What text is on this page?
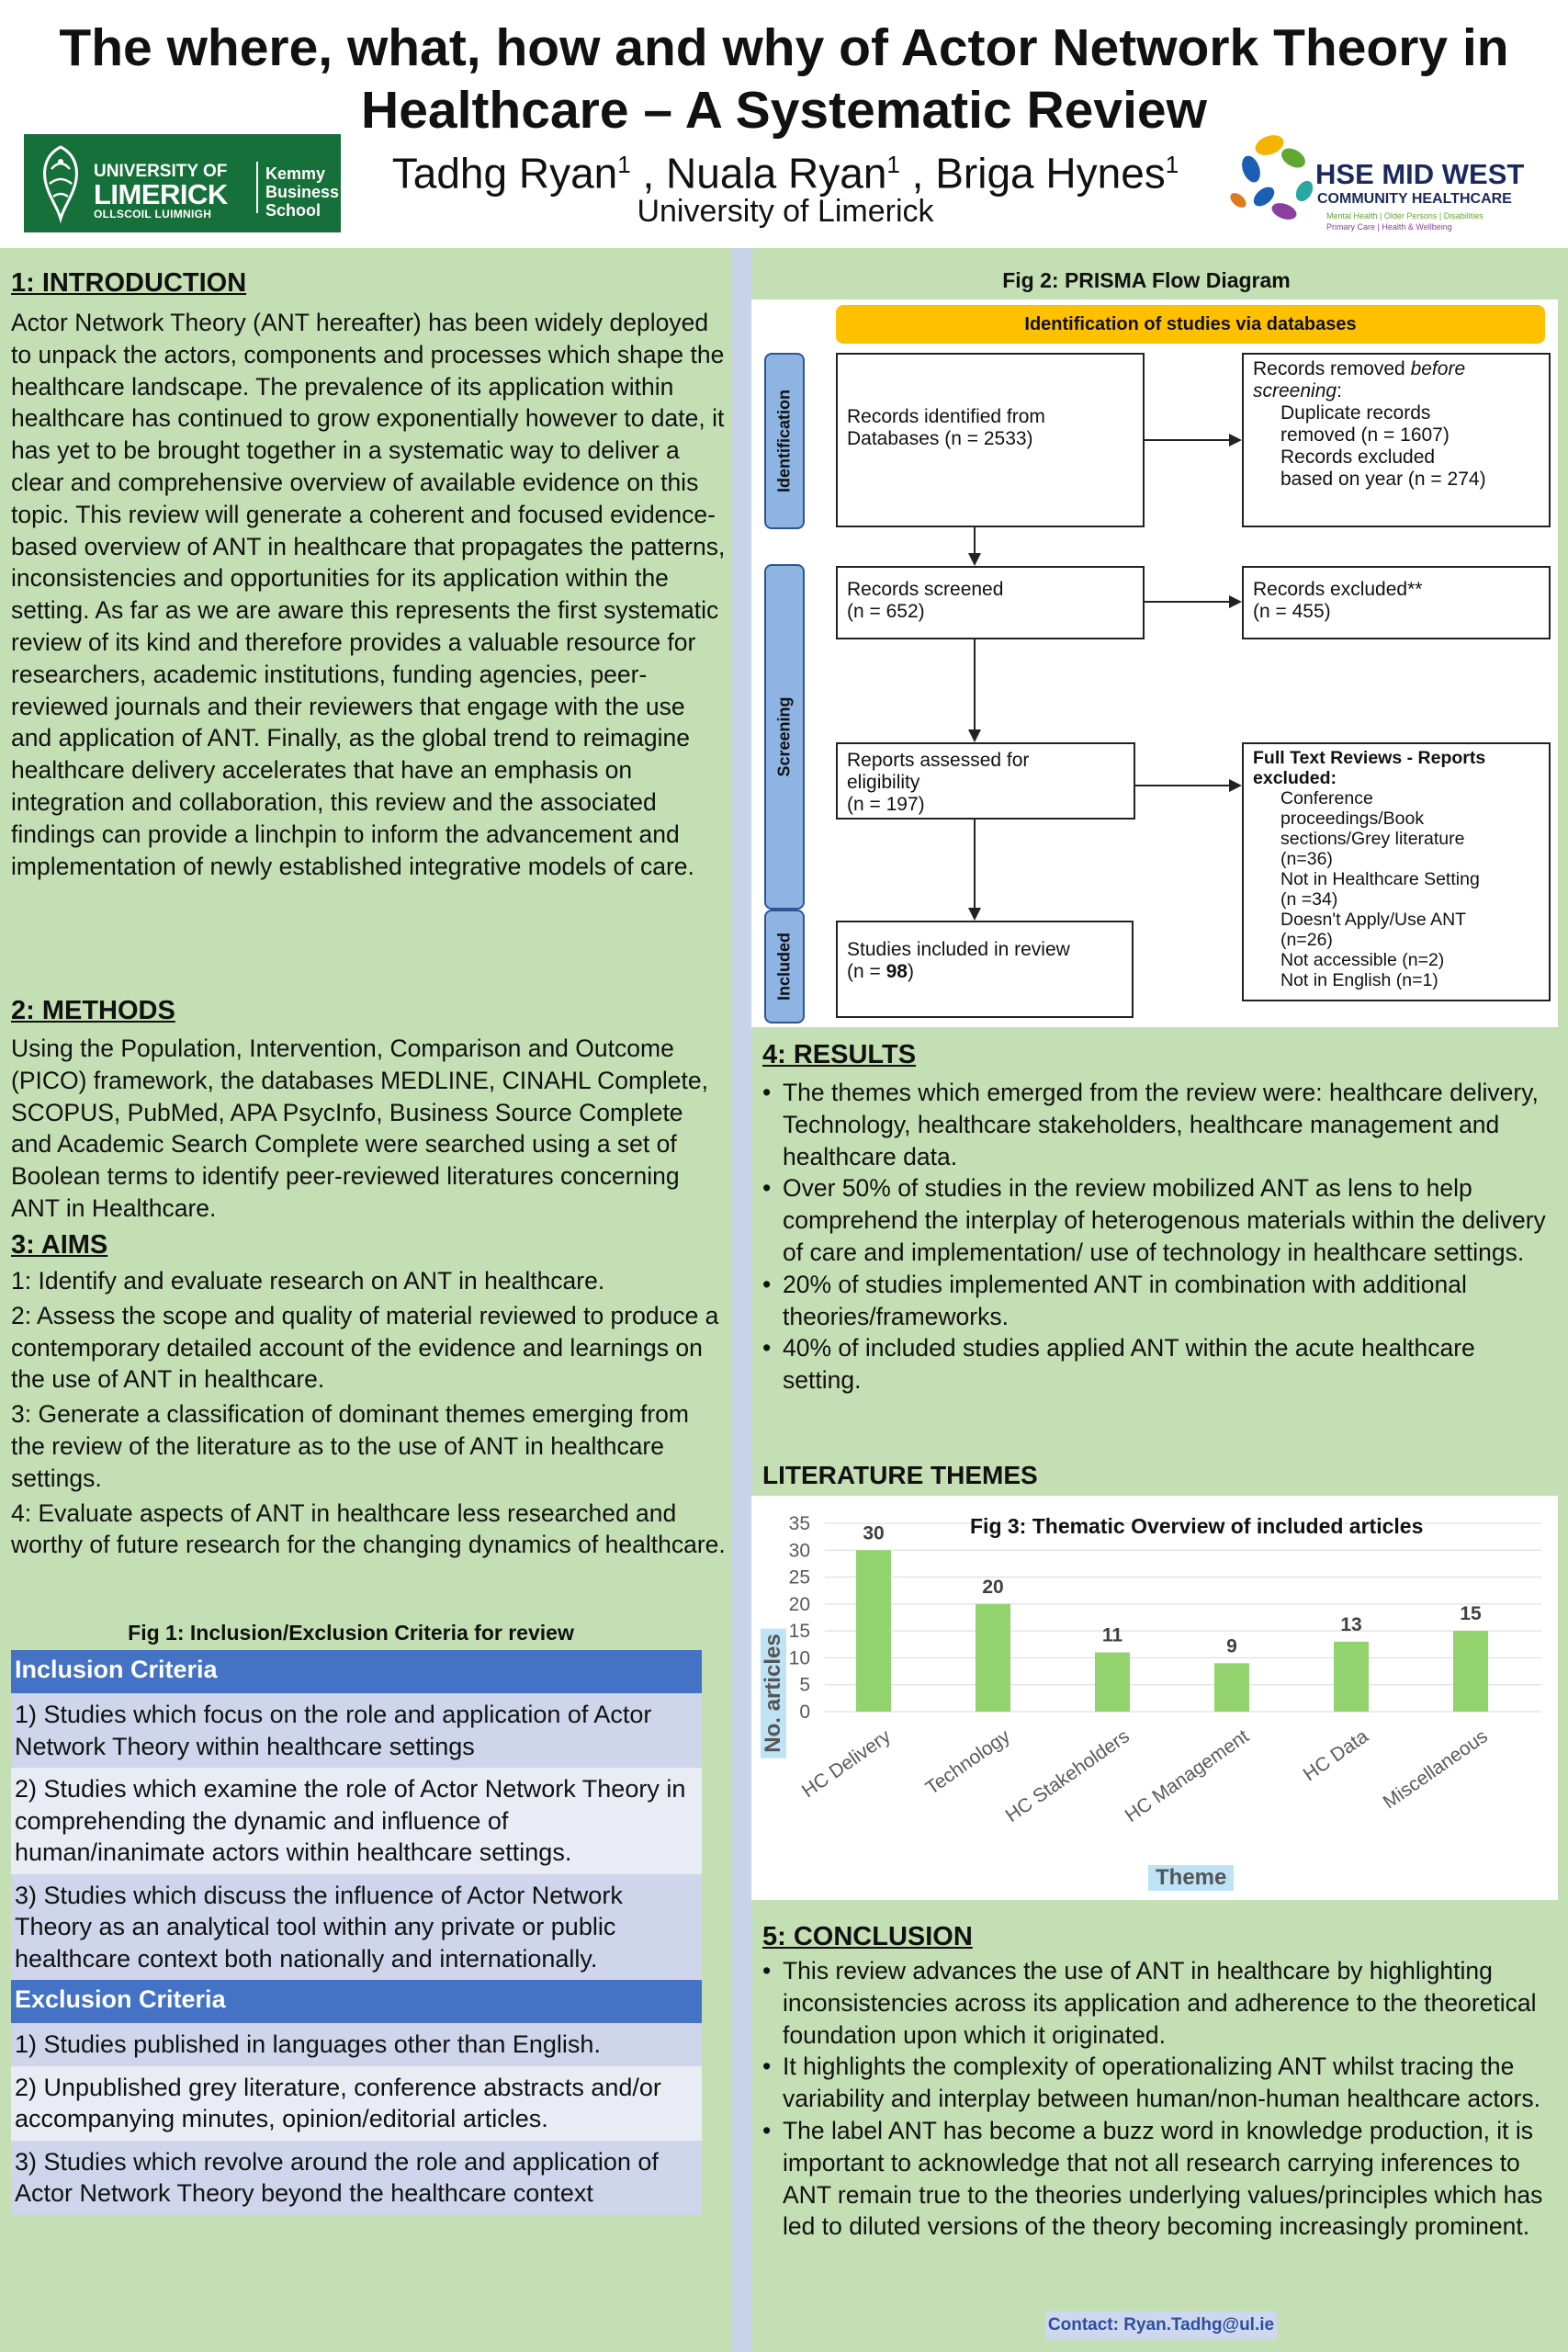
The where, what, how and why of Actor Network Theory in
Healthcare – A Systematic Review
UNIVERSITY OF
LIMERICK
OLLSCOIL LUIMNIGH
Kemmy
Business
School
Tadhg Ryan$^1$ , Nuala Ryan$^1$ , Briga Hynes$^1$
University of Limerick
HSE MID WEST
COMMUNITY HEALTHCARE
Mental Health | Older Persons | Disabilities
Primary Care | Health & Wellbeing
1: INTRODUCTION
Actor Network Theory (ANT hereafter) has been widely deployed to unpack the actors, components and processes which shape the healthcare landscape. The prevalence of its application within healthcare has continued to grow exponentially however to date, it has yet to be brought together in a systematic way to deliver a clear and comprehensive overview of available evidence on this topic. This review will generate a coherent and focused evidence-based overview of ANT in healthcare that propagates the patterns, inconsistencies and opportunities for its application within the setting. As far as we are aware this represents the first systematic review of its kind and therefore provides a valuable resource for researchers, academic institutions, funding agencies, peer-reviewed journals and their reviewers that engage with the use and application of ANT. Finally, as the global trend to reimagine healthcare delivery accelerates that have an emphasis on integration and collaboration, this review and the associated findings can provide a linchpin to inform the advancement and implementation of newly established integrative models of care.
2: METHODS
Using the Population, Intervention, Comparison and Outcome (PICO) framework, the databases MEDLINE, CINAHL Complete, SCOPUS, PubMed, APA PsycInfo, Business Source Complete and Academic Search Complete were searched using a set of Boolean terms to identify peer-reviewed literatures concerning ANT in Healthcare.
3: AIMS
1: Identify and evaluate research on ANT in healthcare.
2: Assess the scope and quality of material reviewed to produce a contemporary detailed account of the evidence and learnings on the use of ANT in healthcare.
3: Generate a classification of dominant themes emerging from the review of the literature as to the use of ANT in healthcare settings.
4: Evaluate aspects of ANT in healthcare less researched and worthy of future research for the changing dynamics of healthcare.
Fig 1: Inclusion/Exclusion Criteria for review
Inclusion Criteria
1) Studies which focus on the role and application of Actor Network Theory within healthcare settings
2) Studies which examine the role of Actor Network Theory in comprehending the dynamic and influence of human/inanimate actors within healthcare settings.
3) Studies which discuss the influence of Actor Network Theory as an analytical tool within any private or public healthcare context both nationally and internationally.
Exclusion Criteria
1) Studies published in languages other than English.
2) Unpublished grey literature, conference abstracts and/or accompanying minutes, opinion/editorial articles.
3) Studies which revolve around the role and application of Actor Network Theory beyond the healthcare context
Fig 2: PRISMA Flow Diagram
Identification of studies via databases
Identification
Screening
Included
Records identified from
Databases (n = 2533)
Records removed before
screening:
Duplicate records
removed (n = 1607)
Records excluded
based on year (n = 274)
Records screened
(n = 652)
Records excluded**
(n = 455)
Reports assessed for
eligibility
(n = 197)
Full Text Reviews - Reports
excluded:
Conference
proceedings/Book
sections/Grey literature
(n=36)
Not in Healthcare Setting
(n =34)
Doesn't Apply/Use ANT
(n=26)
Not accessible (n=2)
Not in English (n=1)
Studies included in review
(n = 98)
4: RESULTS
• The themes which emerged from the review were: healthcare delivery, Technology, healthcare stakeholders, healthcare management and healthcare data.
• Over 50% of studies in the review mobilized ANT as lens to help comprehend the interplay of heterogenous materials within the delivery of care and implementation/ use of technology in healthcare settings.
• 20% of studies implemented ANT in combination with additional theories/frameworks.
• 40% of included studies applied ANT within the acute healthcare setting.
LITERATURE THEMES
0
5
10
15
20
25
30
35	30
HC Delivery
20
Technology
11
HC Stakeholders
9
HC Management
13
HC Data
15
Miscellaneous
Fig 3: Thematic Overview of included articles
No. articles
Theme
5: CONCLUSION
• This review advances the use of ANT in healthcare by highlighting inconsistencies across its application and adherence to the theoretical foundation upon which it originated.
• It highlights the complexity of operationalizing ANT whilst tracing the variability and interplay between human/non-human healthcare actors.
• The label ANT has become a buzz word in knowledge production, it is important to acknowledge that not all research carrying inferences to ANT remain true to the theories underlying values/principles which has led to diluted versions of the theory becoming increasingly prominent.
Contact: Ryan.Tadhg@ul.ie
